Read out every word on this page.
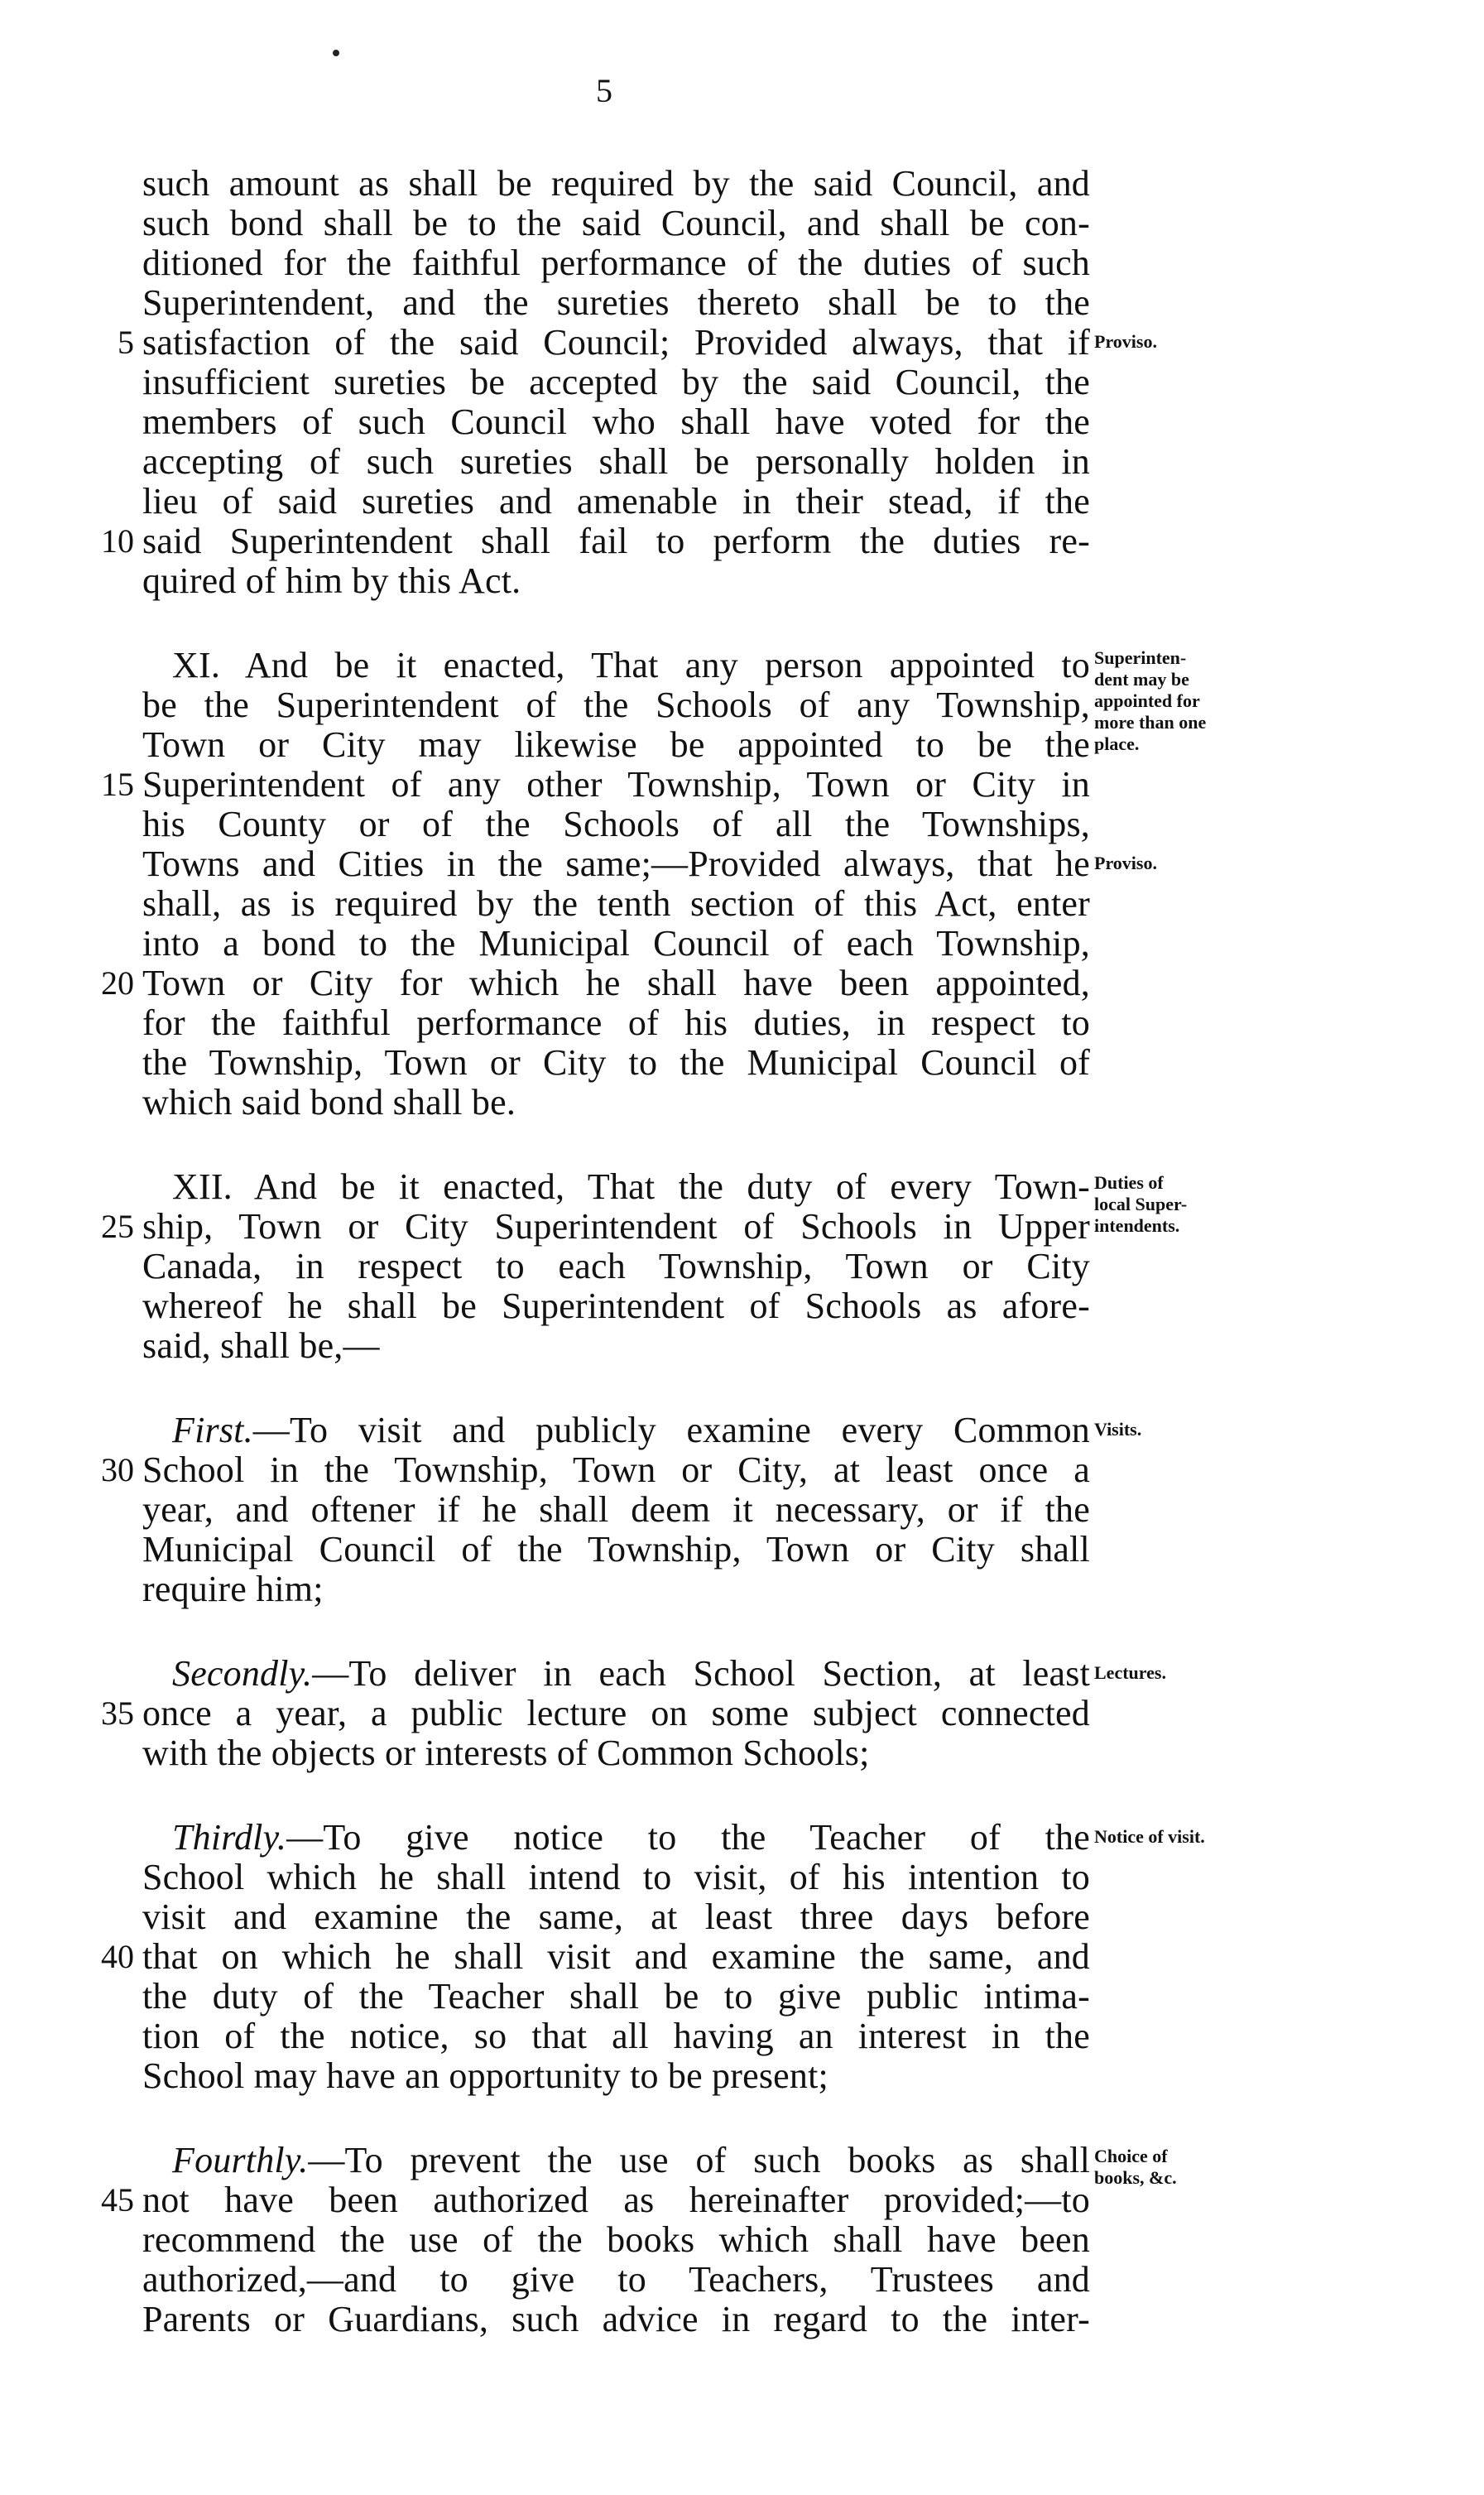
5
such amount as shall be required by the said Council, and
such bond shall be to the said Council, and shall be con-
ditioned for the faithful performance of the duties of such
Superintendent, and the sureties thereto shall be to the
satisfaction of the said Council; Provided always, that if
insufficient sureties be accepted by the said Council, the
members of such Council who shall have voted for the
accepting of such sureties shall be personally holden in
lieu of said sureties and amenable in their stead, if the
said Superintendent shall fail to perform the duties re-
quired of him by this Act.
XI. And be it enacted, That any person appointed to
be the Superintendent of the Schools of any Township,
Town or City may likewise be appointed to be the
Superintendent of any other Township, Town or City in
his County or of the Schools of all the Townships,
Towns and Cities in the same;—Provided always, that he
shall, as is required by the tenth section of this Act, enter
into a bond to the Municipal Council of each Township,
Town or City for which he shall have been appointed,
for the faithful performance of his duties, in respect to
the Township, Town or City to the Municipal Council of
which said bond shall be.
XII. And be it enacted, That the duty of every Town-
ship, Town or City Superintendent of Schools in Upper
Canada, in respect to each Township, Town or City
whereof he shall be Superintendent of Schools as afore-
said, shall be,—
First.—To visit and publicly examine every Common
School in the Township, Town or City, at least once a
year, and oftener if he shall deem it necessary, or if the
Municipal Council of the Township, Town or City shall
require him;
Secondly.—To deliver in each School Section, at least
once a year, a public lecture on some subject connected
with the objects or interests of Common Schools;
Thirdly.—To give notice to the Teacher of the
School which he shall intend to visit, of his intention to
visit and examine the same, at least three days before
that on which he shall visit and examine the same, and
the duty of the Teacher shall be to give public intima-
tion of the notice, so that all having an interest in the
School may have an opportunity to be present;
Fourthly.—To prevent the use of such books as shall
not have been authorized as hereinafter provided;—to
recommend the use of the books which shall have been
authorized,—and to give to Teachers, Trustees and
Parents or Guardians, such advice in regard to the inter-
5
10
15
20
25
30
35
40
45
Proviso.
Superinten-
dent may be
appointed for
more than one
place.
Proviso.
Duties of
local Super-
intendents.
Visits.
Lectures.
Notice of visit.
Choice of
books, &c.
